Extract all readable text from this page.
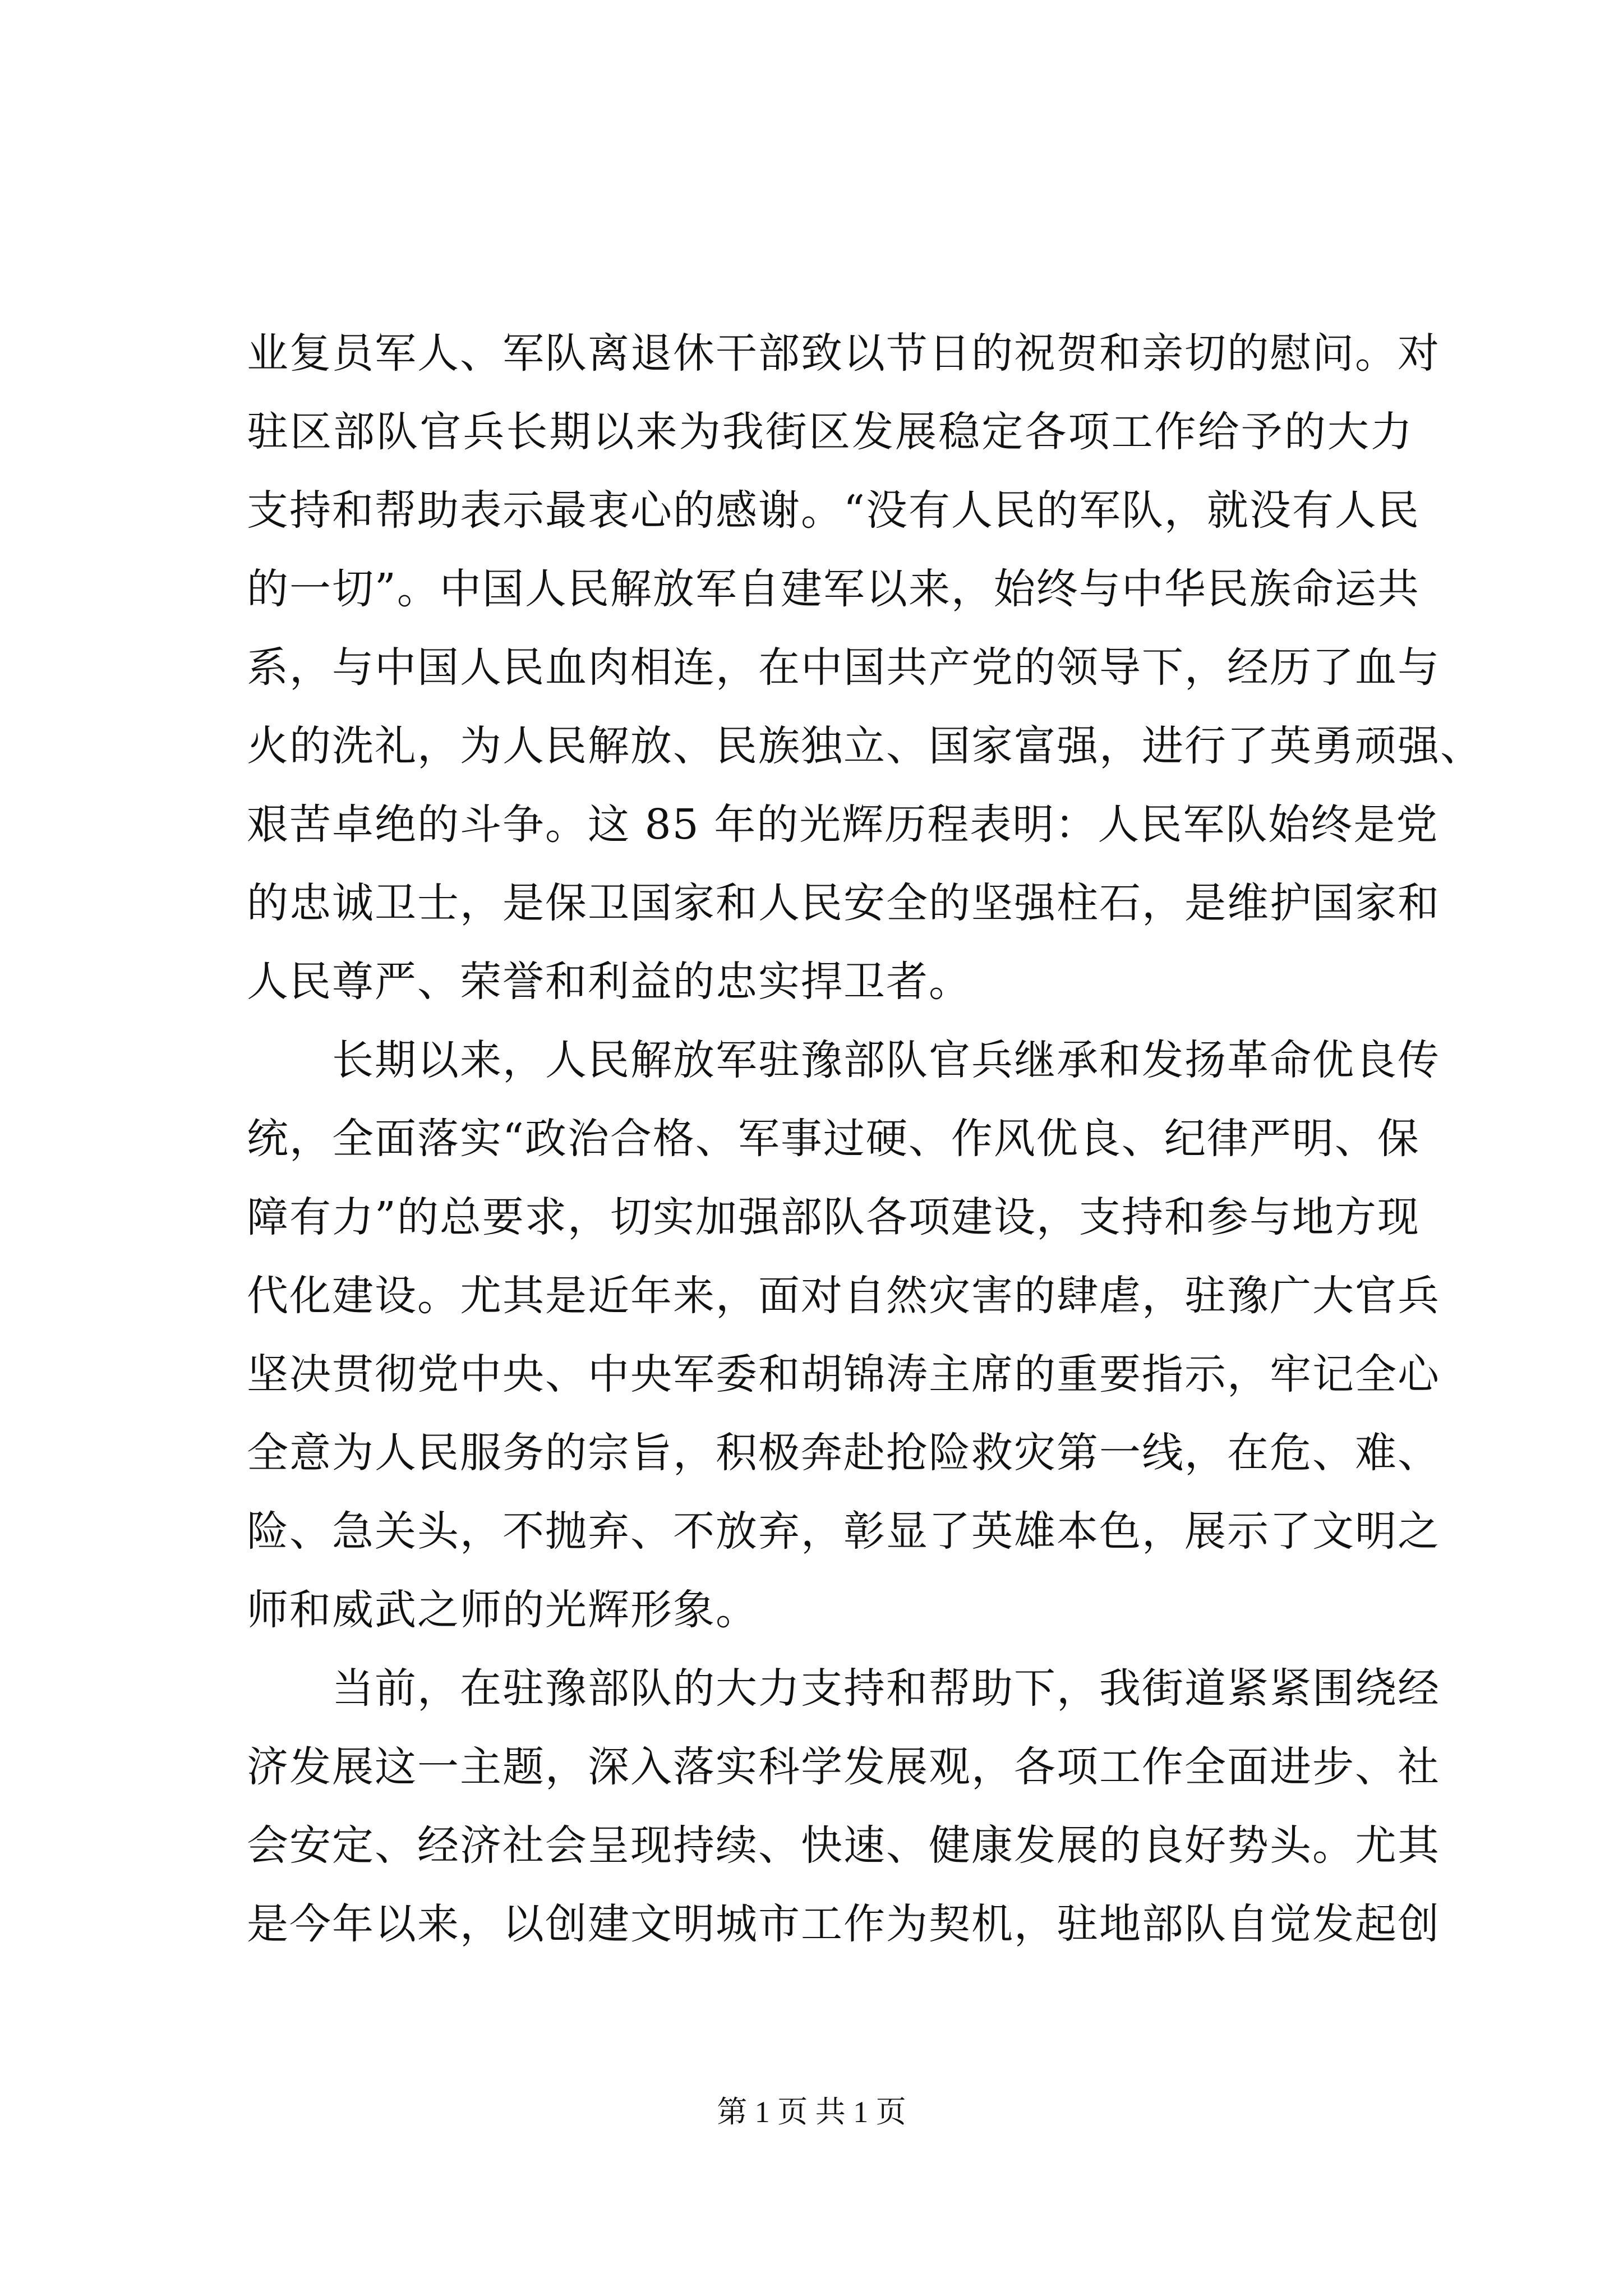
业复员军人、军队离退休干部致以节日的祝贺和亲切的慰问。对
驻区部队官兵长期以来为我街区发展稳定各项工作给予的大力
支持和帮助表示最衷心的感谢。“没有人民的军队，就没有人民
的一切”。中国人民解放军自建军以来，始终与中华民族命运共
系，与中国人民血肉相连，在中国共产党的领导下，经历了血与
火的洗礼，为人民解放、民族独立、国家富强，进行了英勇顽强、
艰苦卓绝的斗争。这 85 年的光辉历程表明：人民军队始终是党
的忠诚卫士，是保卫国家和人民安全的坚强柱石，是维护国家和
人民尊严、荣誉和利益的忠实捍卫者。
长期以来，人民解放军驻豫部队官兵继承和发扬革命优良传
统，全面落实“政治合格、军事过硬、作风优良、纪律严明、保
障有力”的总要求，切实加强部队各项建设，支持和参与地方现
代化建设。尤其是近年来，面对自然灾害的肆虐，驻豫广大官兵
坚决贯彻党中央、中央军委和胡锦涛主席的重要指示，牢记全心
全意为人民服务的宗旨，积极奔赴抢险救灾第一线，在危、难、
险、急关头，不抛弃、不放弃，彰显了英雄本色，展示了文明之
师和威武之师的光辉形象。
当前，在驻豫部队的大力支持和帮助下，我街道紧紧围绕经
济发展这一主题，深入落实科学发展观，各项工作全面进步、社
会安定、经济社会呈现持续、快速、健康发展的良好势头。尤其
是今年以来，以创建文明城市工作为契机，驻地部队自觉发起创
第 1 页 共 1 页
